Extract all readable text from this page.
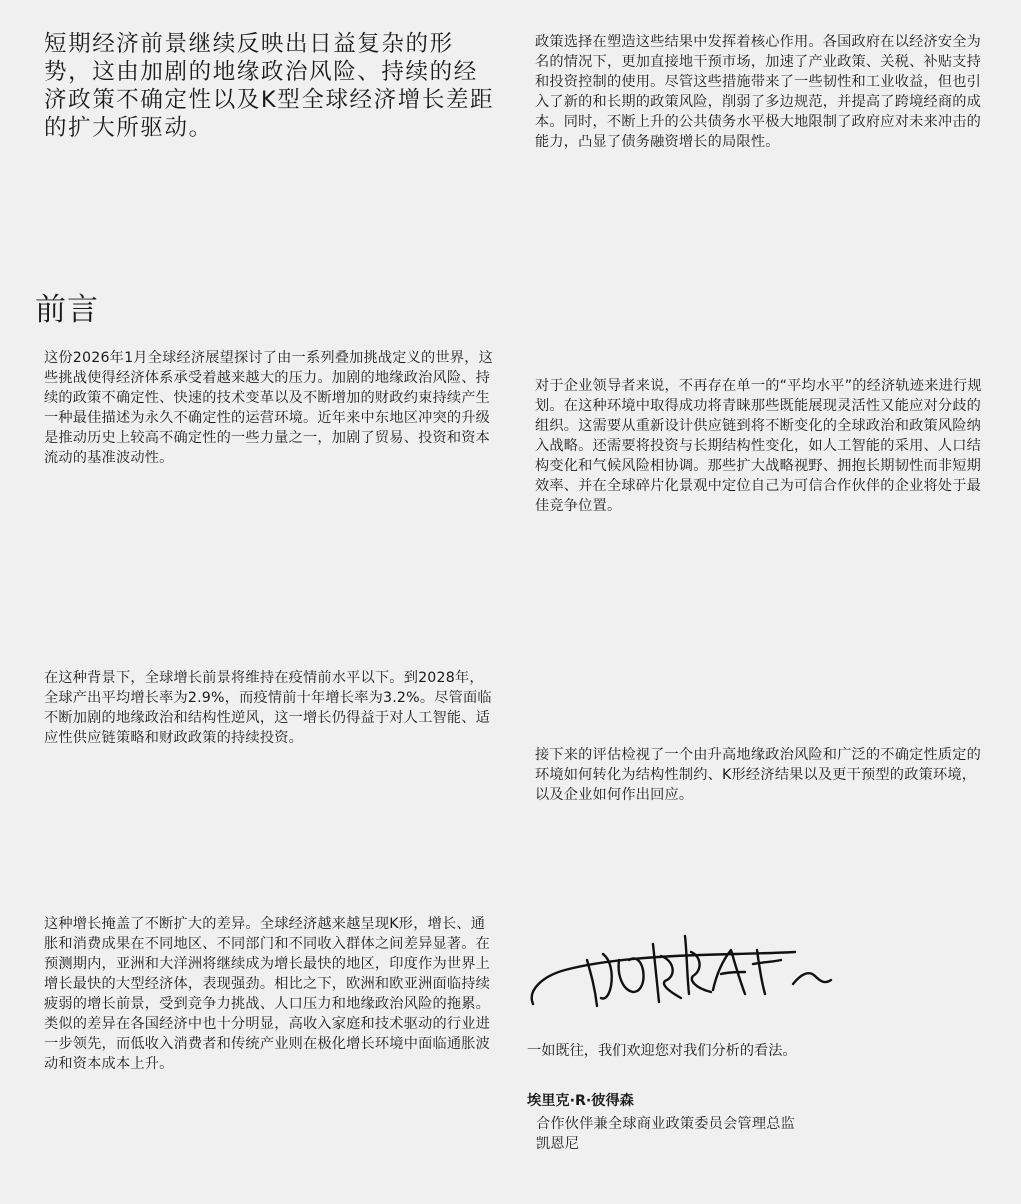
短期经济前景继续反映出日益复杂的形势，这由加剧的地缘政治风险、持续的经济政策不确定性以及K型全球经济增长差距的扩大所驱动。
前言

这份2026年1月全球经济展望探讨了由一系列叠加挑战定义的世界，这些挑战使得经济体系承受着越来越大的压力。加剧的地缘政治风险、持续的政策不确定性、快速的技术变革以及不断增加的财政约束持续产生一种最佳描述为永久不确定性的运营环境。近年来中东地区冲突的升级是推动历史上较高不确定性的一些力量之一，加剧了贸易、投资和资本流动的基准波动性。

在这种背景下，全球增长前景将维持在疫情前水平以下。到2028年，全球产出平均增长率为2.9%，而疫情前十年增长率为3.2%。尽管面临不断加剧的地缘政治和结构性逆风，这一增长仍得益于对人工智能、适应性供应链策略和财政政策的持续投资。

这种增长掩盖了不断扩大的差异。全球经济越来越呈现K形，增长、通胀和消费成果在不同地区、不同部门和不同收入群体之间差异显著。在预测期内，亚洲和大洋洲将继续成为增长最快的地区，印度作为世界上增长最快的大型经济体，表现强劲。相比之下，欧洲和欧亚洲面临持续疲弱的增长前景，受到竞争力挑战、人口压力和地缘政治风险的拖累。类似的差异在各国经济中也十分明显，高收入家庭和技术驱动的行业进一步领先，而低收入消费者和传统产业则在极化增长环境中面临通胀波动和资本成本上升。

政策选择在塑造这些结果中发挥着核心作用。各国政府在以经济安全为名的情况下，更加直接地干预市场，加速了产业政策、关税、补贴支持和投资控制的使用。尽管这些措施带来了一些韧性和工业收益，但也引入了新的和长期的政策风险，削弱了多边规范，并提高了跨境经商的成本。同时，不断上升的公共债务水平极大地限制了政府应对未来冲击的能力，凸显了债务融资增长的局限性。

对于企业领导者来说，不再存在单一的“平均水平”的经济轨迹来进行规划。在这种环境中取得成功将青睐那些既能展现灵活性又能应对分歧的组织。这需要从重新设计供应链到将不断变化的全球政治和政策风险纳入战略。还需要将投资与长期结构性变化，如人工智能的采用、人口结构变化和气候风险相协调。那些扩大战略视野、拥抱长期韧性而非短期效率、并在全球碎片化景观中定位自己为可信合作伙伴的企业将处于最佳竞争位置。

接下来的评估检视了一个由升高地缘政治风险和广泛的不确定性质定的环境如何转化为结构性制约、K形经济结果以及更干预型的政策环境，以及企业如何作出回应。

一如既往，我们欢迎您对我们分析的看法。

埃里克·R·彼得森

合作伙伴兼全球商业政策委员会管理总监 凯恩尼
